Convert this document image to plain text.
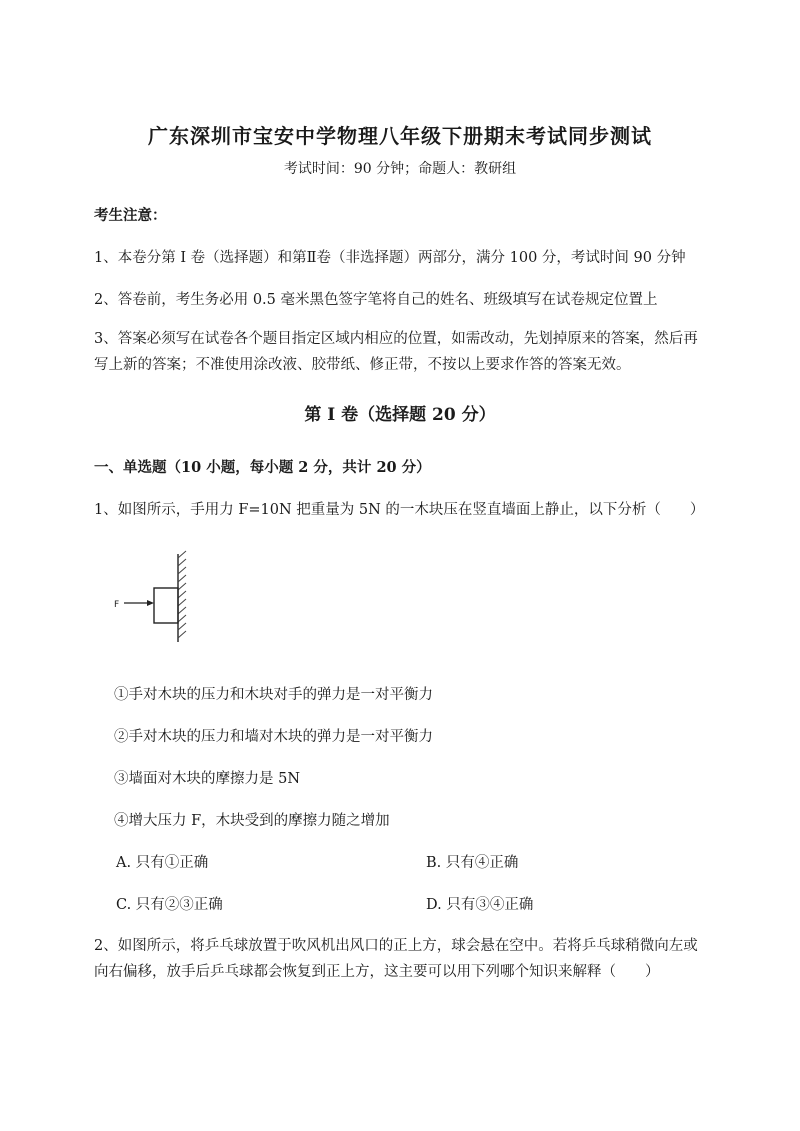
广东深圳市宝安中学物理八年级下册期末考试同步测试
考试时间：90 分钟；命题人：教研组
考生注意：
1、本卷分第 I 卷（选择题）和第Ⅱ卷（非选择题）两部分，满分 100 分，考试时间 90 分钟
2、答卷前，考生务必用 0.5 毫米黑色签字笔将自己的姓名、班级填写在试卷规定位置上
3、答案必须写在试卷各个题目指定区域内相应的位置，如需改动，先划掉原来的答案，然后再写上新的答案；不准使用涂改液、胶带纸、修正带，不按以上要求作答的答案无效。
第 I 卷（选择题 20 分）
一、单选题（10 小题，每小题 2 分，共计 20 分）
1、如图所示，手用力 F=10N 把重量为 5N 的一木块压在竖直墙面上静止，以下分析（　　）
F
①手对木块的压力和木块对手的弹力是一对平衡力
②手对木块的压力和墙对木块的弹力是一对平衡力
③墙面对木块的摩擦力是 5N
④增大压力 F，木块受到的摩擦力随之增加
A. 只有①正确	B. 只有④正确
C. 只有②③正确	D. 只有③④正确
2、如图所示，将乒乓球放置于吹风机出风口的正上方，球会悬在空中。若将乒乓球稍微向左或向右偏移，放手后乒乓球都会恢复到正上方，这主要可以用下列哪个知识来解释（　　）
